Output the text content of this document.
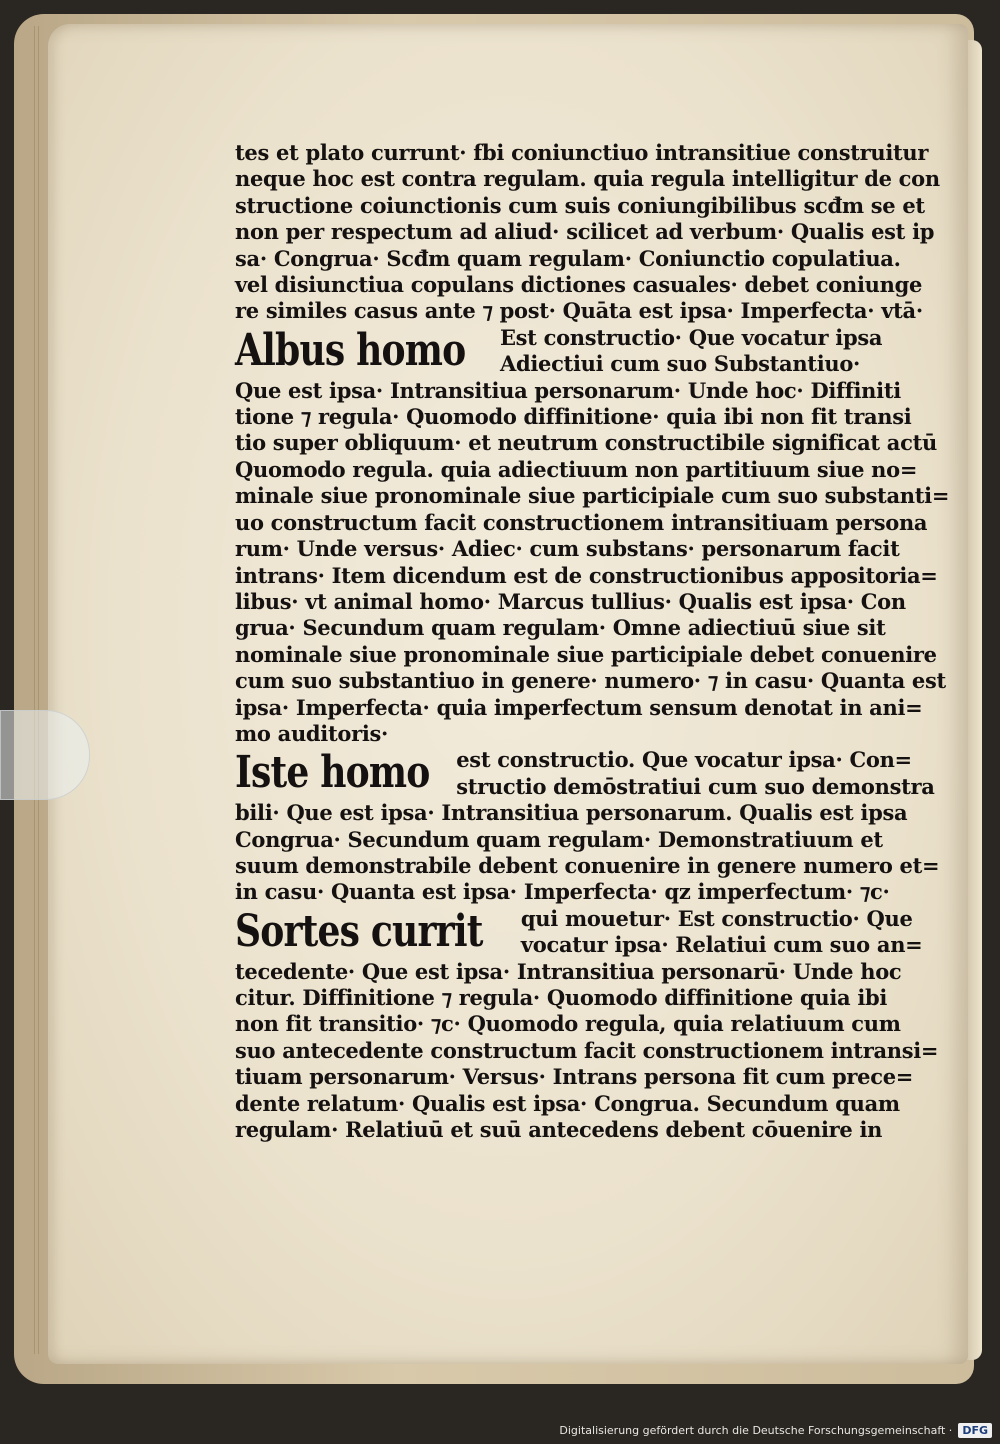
tes et plato currunt· fbi coniunctiuo intransitiue construitur
neque hoc est contra regulam. quia regula intelligitur de con
structione coiunctionis cum suis coniungibilibus scđm se et
non per respectum ad aliud· scilicet ad verbum· Qualis est ip
sa· Congrua· Scđm quam regulam· Coniunctio copulatiua.
vel disiunctiua copulans dictiones casuales· debet coniunge
re similes casus ante ⁊ post· Quāta est ipsa· Imperfecta· vtā·
Albus homo Est constructio· Que vocatur ipsa
Adiectiui cum suo Substantiuo·
Que est ipsa· Intransitiua personarum· Unde hoc· Diffiniti
tione ⁊ regula· Quomodo diffinitione· quia ibi non fit transi
tio super obliquum· et neutrum constructibile significat actū
Quomodo regula. quia adiectiuum non partitiuum siue no=
minale siue pronominale siue participiale cum suo substanti=
uo constructum facit constructionem intransitiuam persona
rum· Unde versus· Adiec· cum substans· personarum facit
intrans· Item dicendum est de constructionibus appositoria=
libus· vt animal homo· Marcus tullius· Qualis est ipsa· Con
grua· Secundum quam regulam· Omne adiectiuū siue sit
nominale siue pronominale siue participiale debet conuenire
cum suo substantiuo in genere· numero· ⁊ in casu· Quanta est
ipsa· Imperfecta· quia imperfectum sensum denotat in ani=
mo auditoris·
Iste homo est constructio. Que vocatur ipsa· Con=
structio demōstratiui cum suo demonstra
bili· Que est ipsa· Intransitiua personarum. Qualis est ipsa
Congrua· Secundum quam regulam· Demonstratiuum et
suum demonstrabile debent conuenire in genere numero et=
in casu· Quanta est ipsa· Imperfecta· qz imperfectum· ⁊c·
Sortes currit qui mouetur· Est constructio· Que
vocatur ipsa· Relatiui cum suo an=
tecedente· Que est ipsa· Intransitiua personarū· Unde hoc
citur. Diffinitione ⁊ regula· Quomodo diffinitione quia ibi
non fit transitio· ⁊c· Quomodo regula, quia relatiuum cum
suo antecedente constructum facit constructionem intransi=
tiuam personarum· Versus· Intrans persona fit cum prece=
dente relatum· Qualis est ipsa· Congrua. Secundum quam
regulam· Relatiuū et suū antecedens debent cōuenire in
Digitalisierung gefördert durch die Deutsche Forschungsgemeinschaft · DFG
